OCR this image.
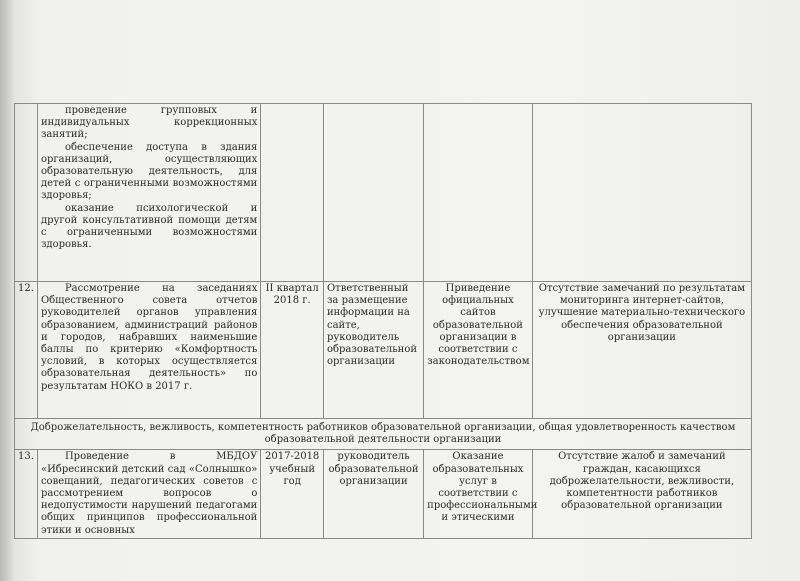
	проведение групповых и индивидуальных коррекционных занятий;

обеспечение доступа в здания организаций, осуществляющих образовательную деятельность, для детей с ограниченными возможностями здоровья;

оказание психологической и другой консультативной помощи детям с ограниченными возможностями здоровья.				

12.	Рассмотрение на заседаниях Общественного совета отчетов руководителей органов управления образованием, администраций районов и городов, набравших наименьшие баллы по критерию «Комфортность условий, в которых осуществляется образовательная деятельность» по результатам НОКО в 2017 г.	II квартал 2018 г.	Ответственный за размещение информации на сайте, руководитель образовательной организации	Приведение официальных сайтов образовательной организации в соответствии с законодательством	Отсутствие замечаний по результатам мониторинга интернет-сайтов, улучшение материально-технического обеспечения образовательной организации
Доброжелательность, вежливость, компетентность работников образовательной организации, общая удовлетворенность качеством образовательной деятельности организации					
13.	Проведение в МБДОУ «Ибресинский детский сад «Солнышко» совещаний, педагогических советов с рассмотрением вопросов о недопустимости нарушений педагогами общих принципов профессиональной этики и основных	2017-2018 учебный год	руководитель образовательной организации	Оказание образовательных услуг в соответствии с профессиональными и этическими	Отсутствие жалоб и замечаний граждан, касающихся доброжелательности, вежливости, компетентности работников образовательной организации
